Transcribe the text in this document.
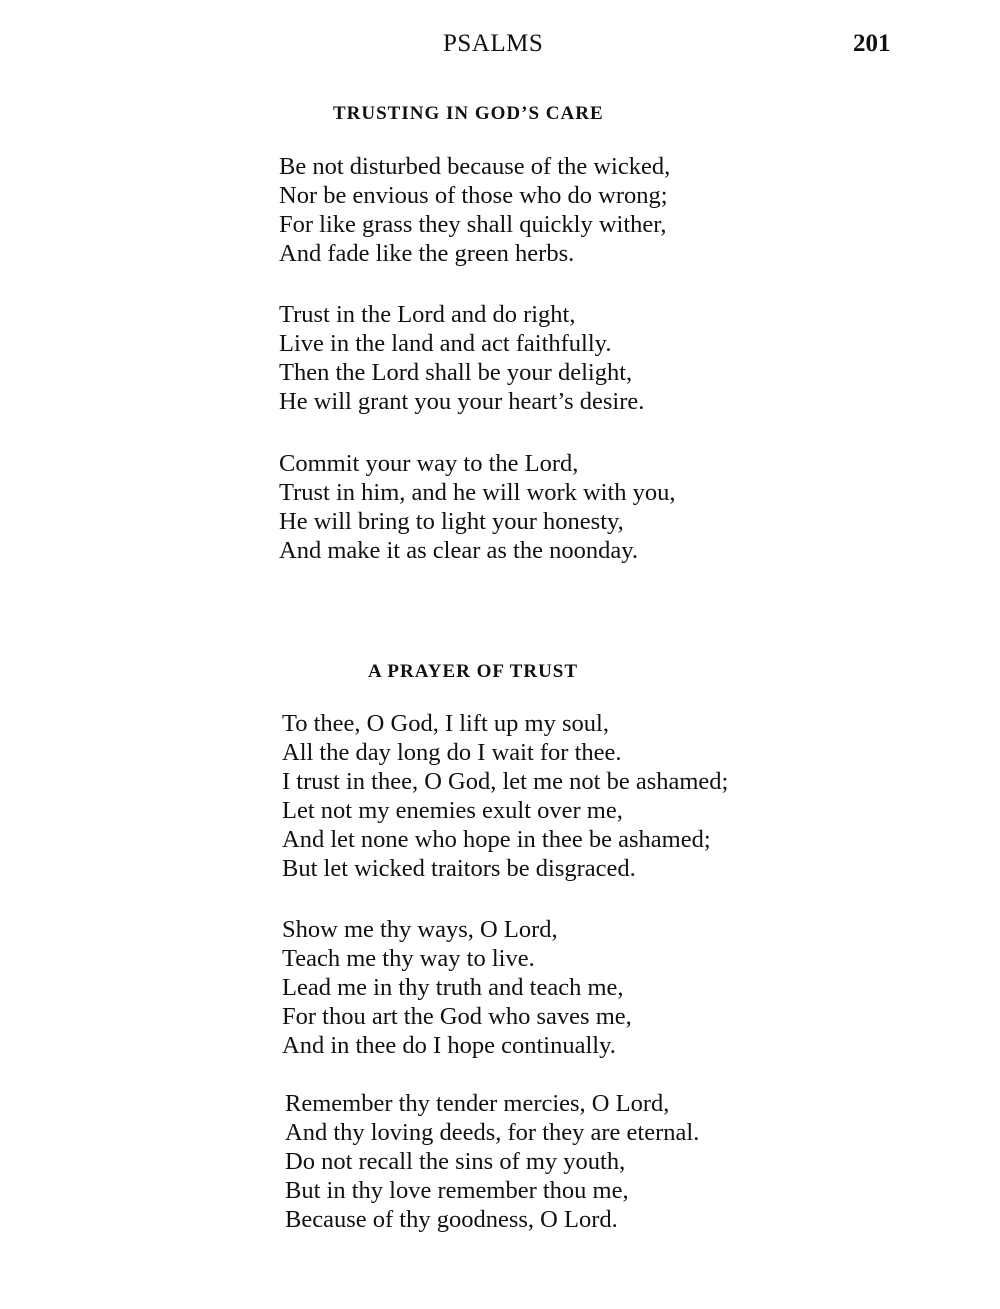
PSALMS	201
TRUSTING IN GOD’S CARE
Be not disturbed because of the wicked,
Nor be envious of those who do wrong;
For like grass they shall quickly wither,
And fade like the green herbs.
Trust in the Lord and do right,
Live in the land and act faithfully.
Then the Lord shall be your delight,
He will grant you your heart’s desire.
Commit your way to the Lord,
Trust in him, and he will work with you,
He will bring to light your honesty,
And make it as clear as the noonday.
A PRAYER OF TRUST
To thee, O God, I lift up my soul,
All the day long do I wait for thee.
I trust in thee, O God, let me not be ashamed;
Let not my enemies exult over me,
And let none who hope in thee be ashamed;
But let wicked traitors be disgraced.
Show me thy ways, O Lord,
Teach me thy way to live.
Lead me in thy truth and teach me,
For thou art the God who saves me,
And in thee do I hope continually.
Remember thy tender mercies, O Lord,
And thy loving deeds, for they are eternal.
Do not recall the sins of my youth,
But in thy love remember thou me,
Because of thy goodness, O Lord.
